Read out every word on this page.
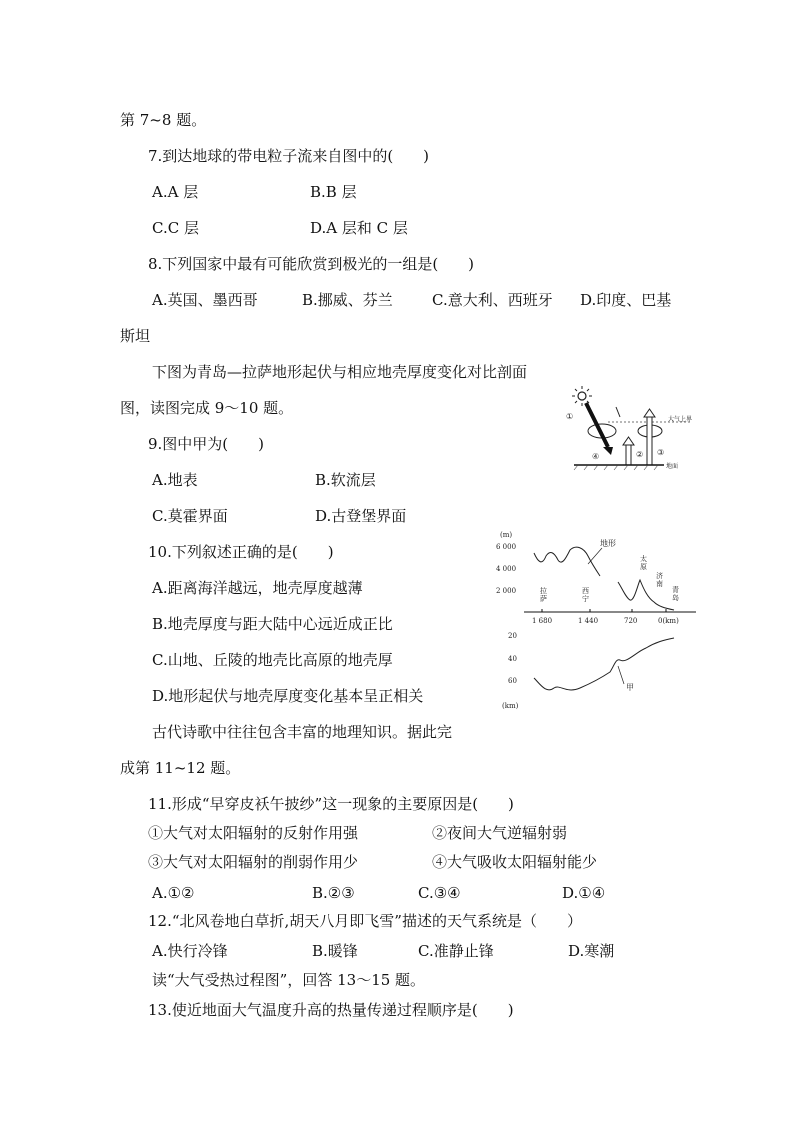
第 7~8 题。
7.到达地球的带电粒子流来自图中的(　　)
A.A 层	B.B 层
C.C 层	D.A 层和 C 层
8.下列国家中最有可能欣赏到极光的一组是(　　)
A.英国、墨西哥	B.挪威、芬兰	C.意大利、西班牙 D.印度、巴基
斯坦
下图为青岛—拉萨地形起伏与相应地壳厚度变化对比剖面
图，读图完成 9～10 题。
9.图中甲为(　　)
A.地表	B.软流层
C.莫霍界面	D.古登堡界面
10.下列叙述正确的是(　　)
A.距离海洋越远，地壳厚度越薄
B.地壳厚度与距大陆中心远近成正比
C.山地、丘陵的地壳比高原的地壳厚
D.地形起伏与地壳厚度变化基本呈正相关
古代诗歌中往往包含丰富的地理知识。据此完
成第 11~12 题。
11.形成“早穿皮袄午披纱”这一现象的主要原因是(　　)
①大气对太阳辐射的反射作用强	②夜间大气逆辐射弱
③大气对太阳辐射的削弱作用少	④大气吸收太阳辐射能少
A.①②	B.②③	C.③④	D.①④
12.“北风卷地白草折,胡天八月即飞雪”描述的天气系统是（　　）
A.快行冷锋	B.暖锋	C.准静止锋	D.寒潮
读“大气受热过程图”，回答 13～15 题。
13.使近地面大气温度升高的热量传递过程顺序是(　　)
大气上界
①
④	② ③
地面
(m)
6 000
4 000
2 000
1 680	1 440	720	0(km)
地形
拉萨
西宁
太原
济南
青岛
20
40
60
(km)
甲
